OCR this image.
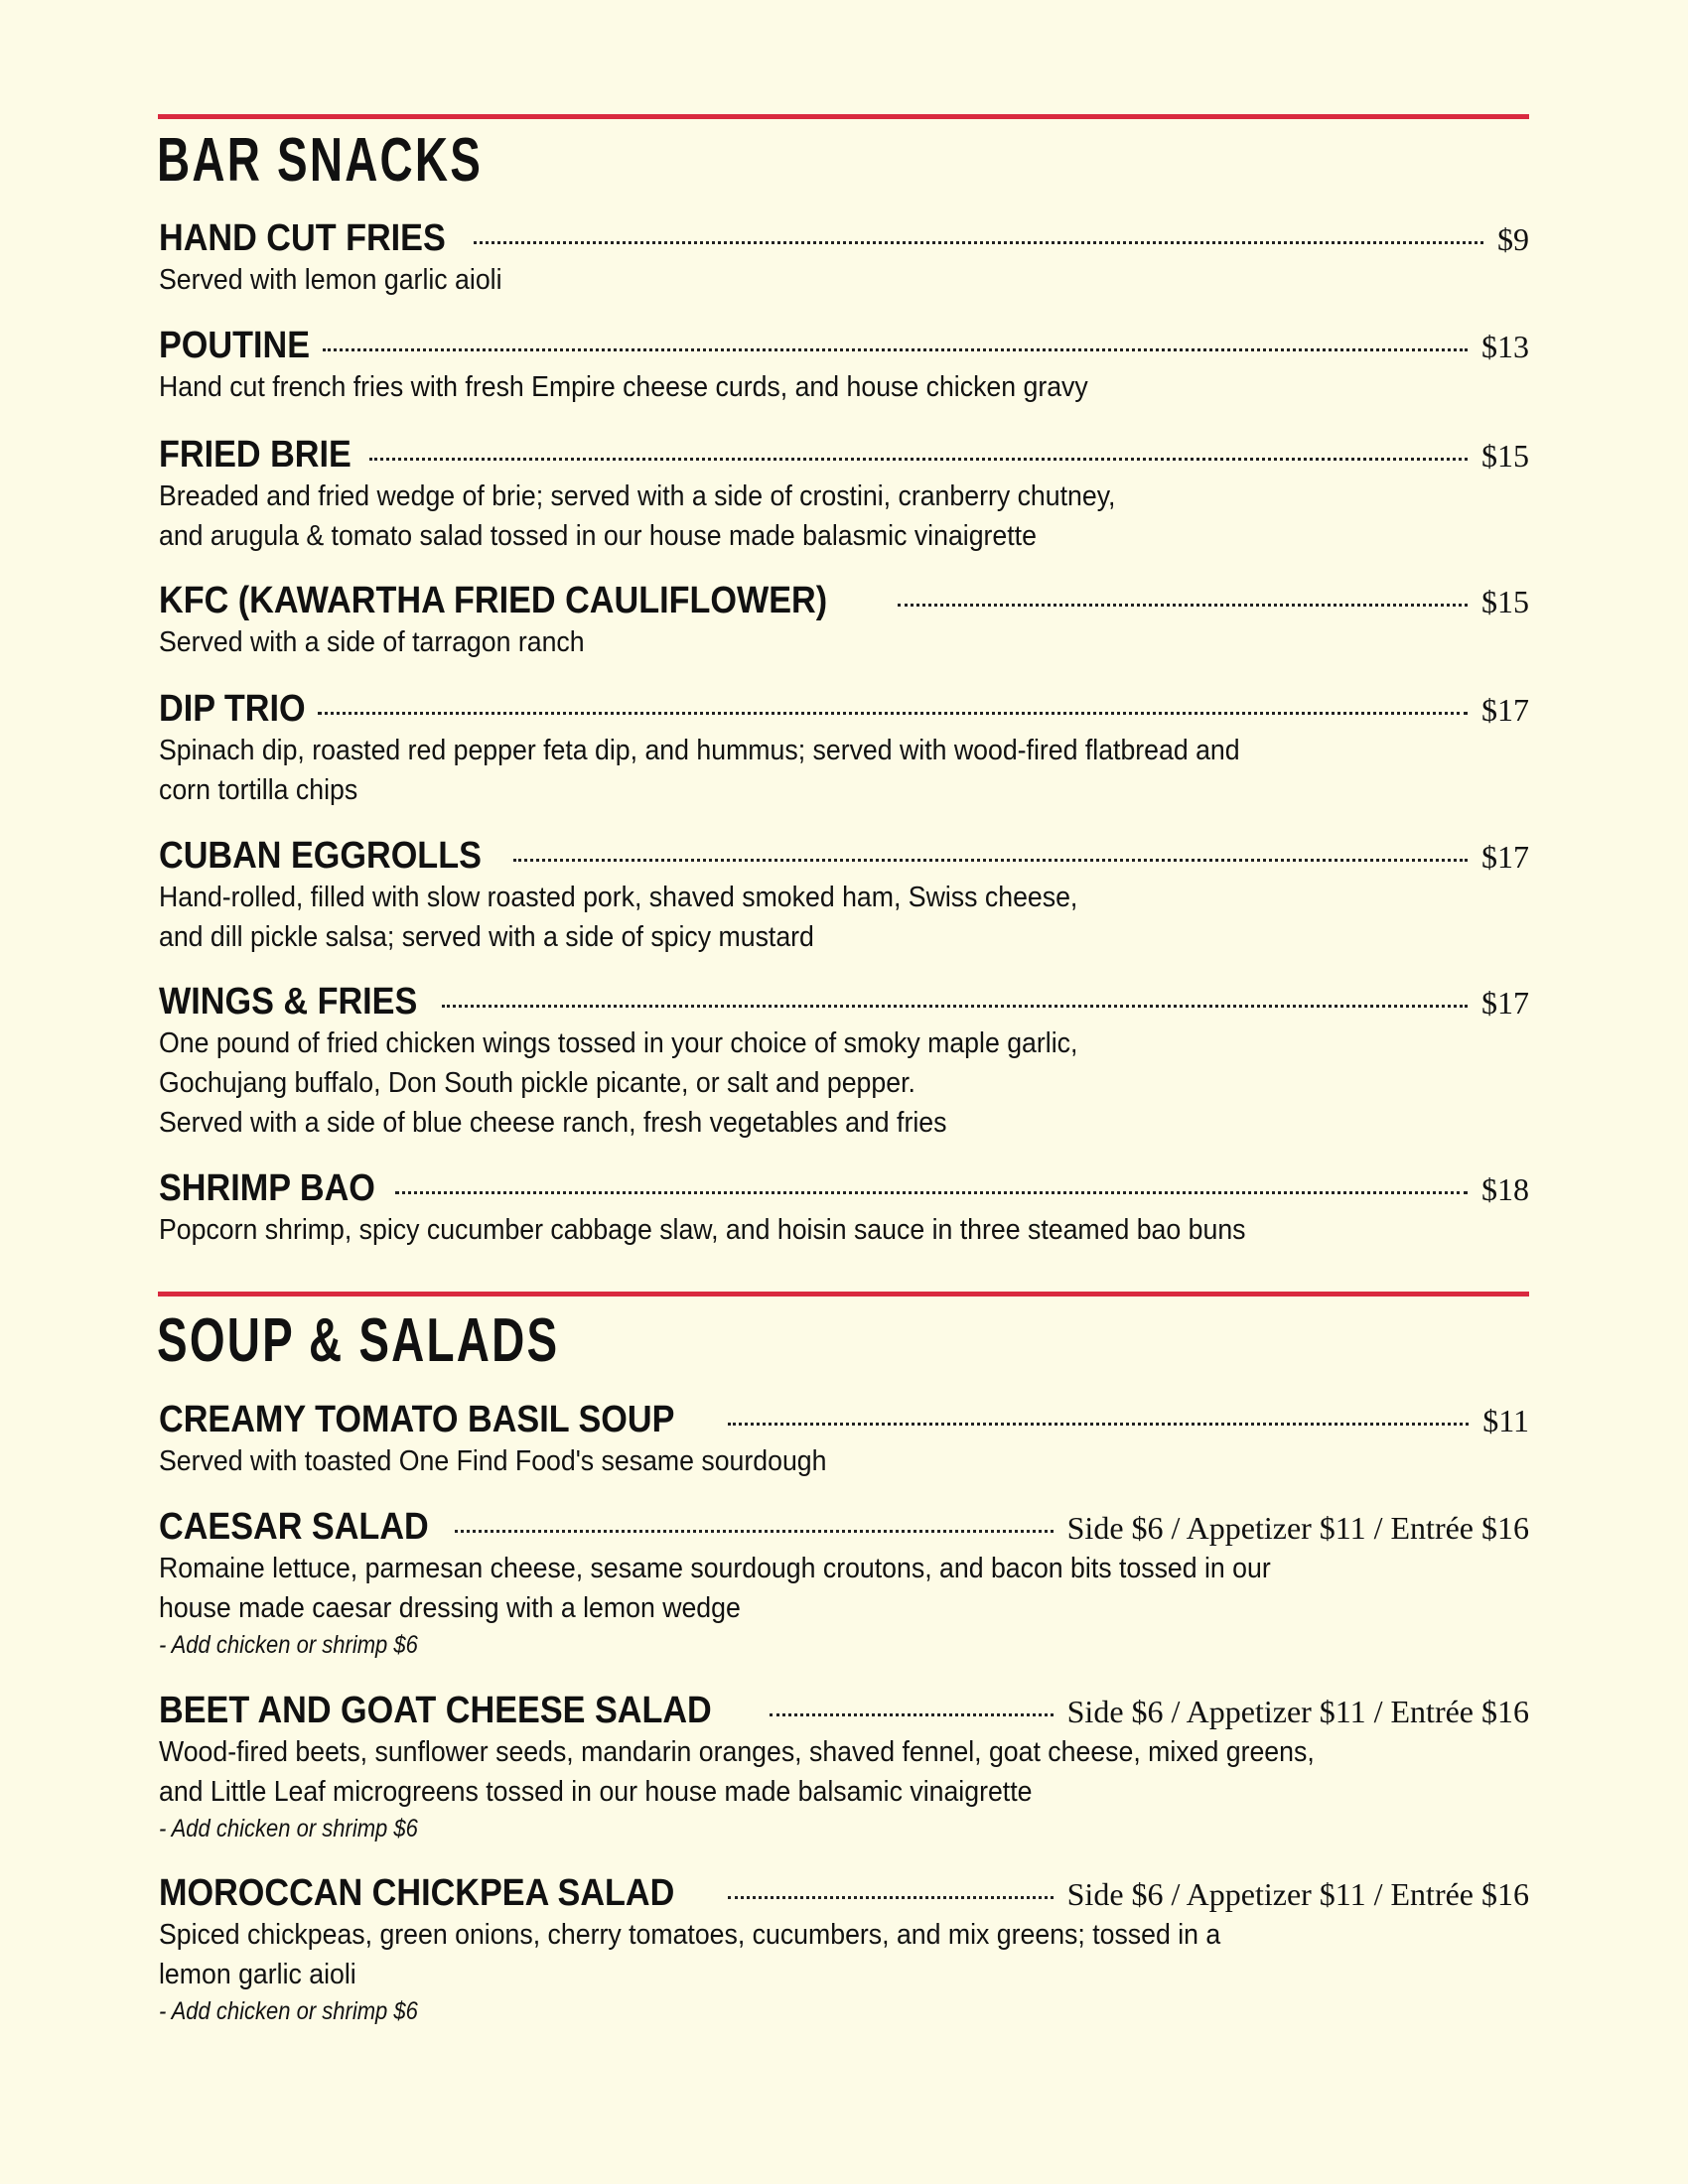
BAR SNACKS
HAND CUT FRIES	$9
Served with lemon garlic aioli
POUTINE	$13
Hand cut french fries with fresh Empire cheese curds, and house chicken gravy
FRIED BRIE	$15
Breaded and fried wedge of brie; served with a side of crostini, cranberry chutney,
and arugula & tomato salad tossed in our house made balasmic vinaigrette
KFC (KAWARTHA FRIED CAULIFLOWER)	$15
Served with a side of tarragon ranch
DIP TRIO	$17
Spinach dip, roasted red pepper feta dip, and hummus; served with wood-fired flatbread and
corn tortilla chips
CUBAN EGGROLLS	$17
Hand-rolled, filled with slow roasted pork, shaved smoked ham, Swiss cheese,
and dill pickle salsa; served with a side of spicy mustard
WINGS & FRIES	$17
One pound of fried chicken wings tossed in your choice of smoky maple garlic,
Gochujang buffalo, Don South pickle picante, or salt and pepper.
Served with a side of blue cheese ranch, fresh vegetables and fries
SHRIMP BAO	$18
Popcorn shrimp, spicy cucumber cabbage slaw, and hoisin sauce in three steamed bao buns
SOUP & SALADS
CREAMY TOMATO BASIL SOUP	$11
Served with toasted One Find Food's sesame sourdough
CAESAR SALAD	Side $6 / Appetizer $11 / Entrée $16
Romaine lettuce, parmesan cheese, sesame sourdough croutons, and bacon bits tossed in our
house made caesar dressing with a lemon wedge
- Add chicken or shrimp $6
BEET AND GOAT CHEESE SALAD	Side $6 / Appetizer $11 / Entrée $16
Wood-fired beets, sunflower seeds, mandarin oranges, shaved fennel, goat cheese, mixed greens,
and Little Leaf microgreens tossed in our house made balsamic vinaigrette
- Add chicken or shrimp $6
MOROCCAN CHICKPEA SALAD	Side $6 / Appetizer $11 / Entrée $16
Spiced chickpeas, green onions, cherry tomatoes, cucumbers, and mix greens; tossed in a
lemon garlic aioli
- Add chicken or shrimp $6
